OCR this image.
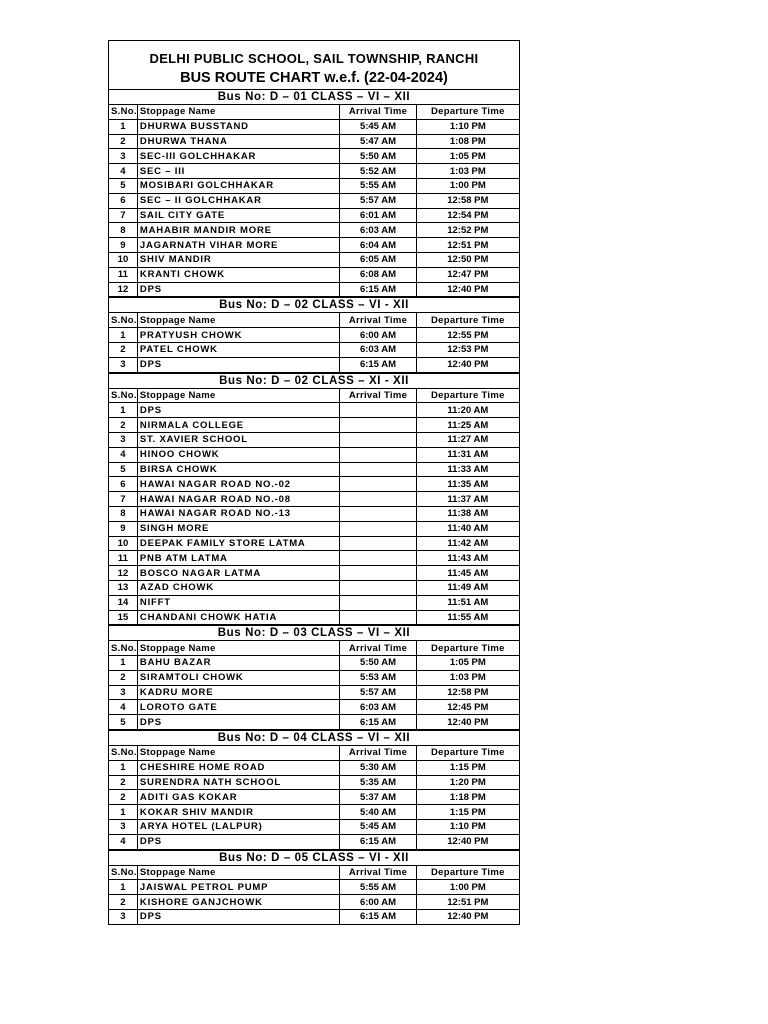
DELHI PUBLIC SCHOOL, SAIL TOWNSHIP, RANCHI
BUS ROUTE CHART w.e.f. (22-04-2024)
Bus No: D – 01 CLASS – VI – XII
S.No.	Stoppage Name	Arrival Time	Departure Time
1	DHURWA BUSSTAND	5:45 AM	1:10 PM
2	DHURWA THANA	5:47 AM	1:08 PM
3	SEC-III GOLCHHAKAR	5:50 AM	1:05 PM
4	SEC – III	5:52 AM	1:03 PM
5	MOSIBARI GOLCHHAKAR	5:55 AM	1:00 PM
6	SEC – II GOLCHHAKAR	5:57 AM	12:58 PM
7	SAIL CITY GATE	6:01 AM	12:54 PM
8	MAHABIR MANDIR MORE	6:03 AM	12:52 PM
9	JAGARNATH VIHAR MORE	6:04 AM	12:51 PM
10	SHIV MANDIR	6:05 AM	12:50 PM
11	KRANTI CHOWK	6:08 AM	12:47 PM
12	DPS	6:15 AM	12:40 PM
Bus No: D – 02 CLASS – VI - XII
S.No.	Stoppage Name	Arrival Time	Departure Time
1	PRATYUSH CHOWK	6:00 AM	12:55 PM
2	PATEL CHOWK	6:03 AM	12:53 PM
3	DPS	6:15 AM	12:40 PM
Bus No: D – 02 CLASS – XI - XII
S.No.	Stoppage Name	Arrival Time	Departure Time
1	DPS		11:20 AM
2	NIRMALA COLLEGE		11:25 AM
3	ST. XAVIER SCHOOL		11:27 AM
4	HINOO CHOWK		11:31 AM
5	BIRSA CHOWK		11:33 AM
6	HAWAI NAGAR ROAD NO.-02		11:35 AM
7	HAWAI NAGAR ROAD NO.-08		11:37 AM
8	HAWAI NAGAR ROAD NO.-13		11:38 AM
9	SINGH MORE		11:40 AM
10	DEEPAK FAMILY STORE LATMA		11:42 AM
11	PNB ATM LATMA		11:43 AM
12	BOSCO NAGAR LATMA		11:45 AM
13	AZAD CHOWK		11:49 AM
14	NIFFT		11:51 AM
15	CHANDANI CHOWK HATIA		11:55 AM
Bus No: D – 03 CLASS – VI – XII
S.No.	Stoppage Name	Arrival Time	Departure Time
1	BAHU BAZAR	5:50 AM	1:05 PM
2	SIRAMTOLI CHOWK	5:53 AM	1:03 PM
3	KADRU MORE	5:57 AM	12:58 PM
4	LOROTO GATE	6:03 AM	12:45 PM
5	DPS	6:15 AM	12:40 PM
Bus No: D – 04 CLASS – VI – XII
S.No.	Stoppage Name	Arrival Time	Departure Time
1	CHESHIRE HOME ROAD	5:30 AM	1:15 PM
2	SURENDRA NATH SCHOOL	5:35 AM	1:20 PM
2	ADITI GAS KOKAR	5:37 AM	1:18 PM
1	KOKAR SHIV MANDIR	5:40 AM	1:15 PM
3	ARYA HOTEL (LALPUR)	5:45 AM	1:10 PM
4	DPS	6:15 AM	12:40 PM
Bus No: D – 05 CLASS – VI - XII
S.No.	Stoppage Name	Arrival Time	Departure Time
1	JAISWAL PETROL PUMP	5:55 AM	1:00 PM
2	KISHORE GANJCHOWK	6:00 AM	12:51 PM
3	DPS	6:15 AM	12:40 PM
